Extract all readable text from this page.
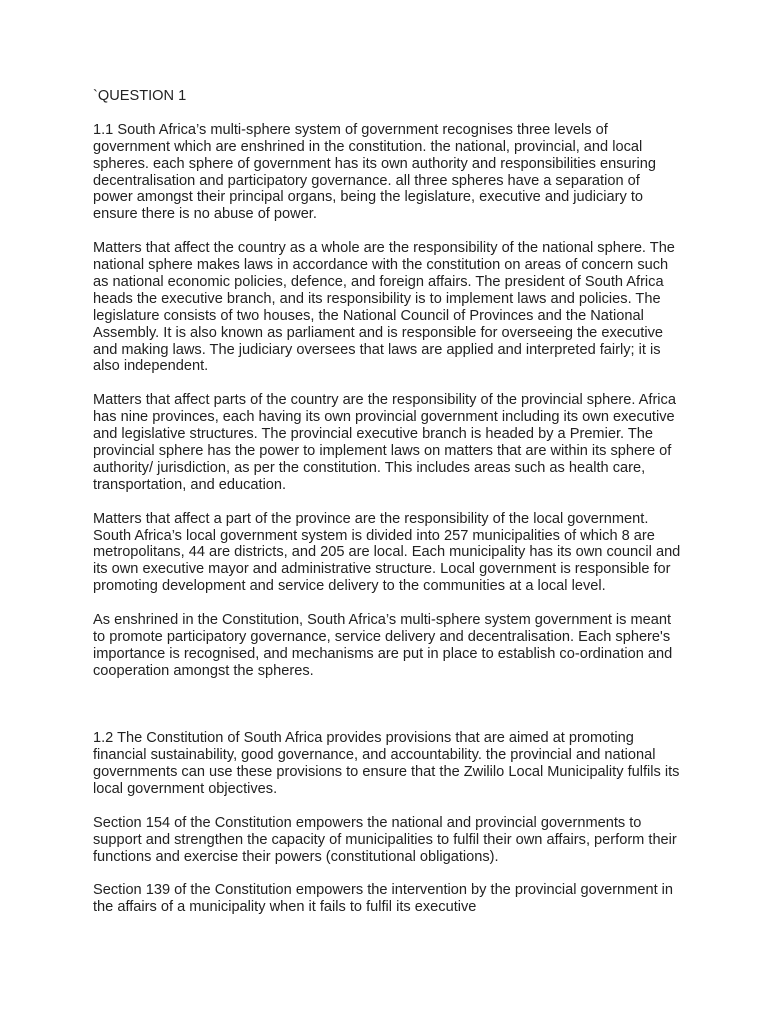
`QUESTION 1

1.1 South Africa’s multi-sphere system of government recognises three levels of government which are enshrined in the constitution. the national, provincial, and local spheres. each sphere of government has its own authority and responsibilities ensuring decentralisation and participatory governance. all three spheres have a separation of power amongst their principal organs, being the legislature, executive and judiciary to ensure there is no abuse of power.

Matters that affect the country as a whole are the responsibility of the national sphere. The national sphere makes laws in accordance with the constitution on areas of concern such as national economic policies, defence, and foreign affairs. The president of South Africa heads the executive branch, and its responsibility is to implement laws and policies. The legislature consists of two houses, the National Council of Provinces and the National Assembly. It is also known as parliament and is responsible for overseeing the executive and making laws. The judiciary oversees that laws are applied and interpreted fairly; it is also independent.

Matters that affect parts of the country are the responsibility of the provincial sphere. Africa has nine provinces, each having its own provincial government including its own executive and legislative structures. The provincial executive branch is headed by a Premier. The provincial sphere has the power to implement laws on matters that are within its sphere of authority/ jurisdiction, as per the constitution. This includes areas such as health care, transportation, and education.

Matters that affect a part of the province are the responsibility of the local government. South Africa’s local government system is divided into 257 municipalities of which 8 are metropolitans, 44 are districts, and 205 are local. Each municipality has its own council and its own executive mayor and administrative structure. Local government is responsible for promoting development and service delivery to the communities at a local level.

As enshrined in the Constitution, South Africa’s multi-sphere system government is meant to promote participatory governance, service delivery and decentralisation. Each sphere's importance is recognised, and mechanisms are put in place to establish co-ordination and cooperation amongst the spheres.

1.2 The Constitution of South Africa provides provisions that are aimed at promoting financial sustainability, good governance, and accountability. the provincial and national governments can use these provisions to ensure that the Zwililo Local Municipality fulfils its local government objectives.

Section 154 of the Constitution empowers the national and provincial governments to support and strengthen the capacity of municipalities to fulfil their own affairs, perform their functions and exercise their powers (constitutional obligations).

Section 139 of the Constitution empowers the intervention by the provincial government in the affairs of a municipality when it fails to fulfil its executive
